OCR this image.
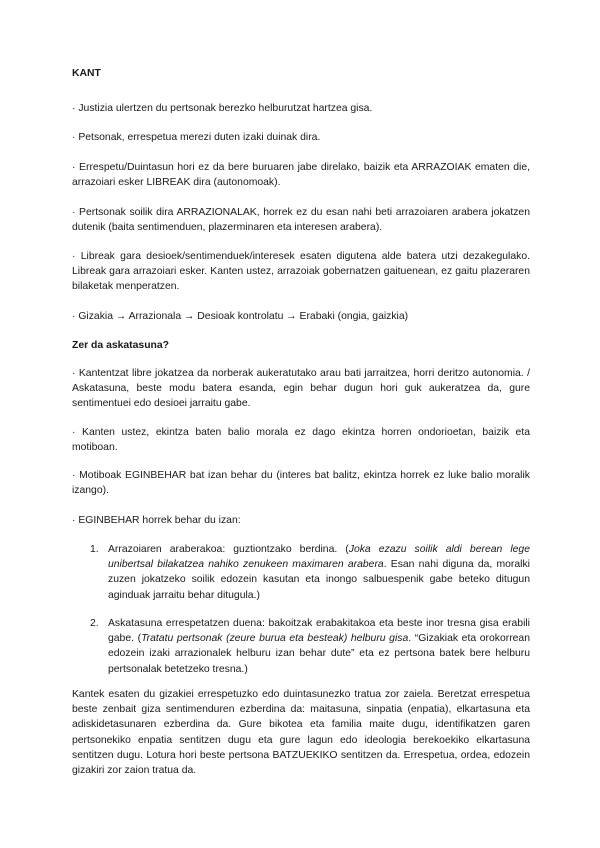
KANT

· Justizia ulertzen du pertsonak berezko helburutzat hartzea gisa.

· Petsonak, errespetua merezi duten izaki duinak dira.

· Errespetu/Duintasun hori ez da bere buruaren jabe direlako, baizik eta ARRAZOIAK ematen die, arrazoiari esker LIBREAK dira (autonomoak).

· Pertsonak soilik dira ARRAZIONALAK, horrek ez du esan nahi beti arrazoiaren arabera jokatzen dutenik (baita sentimenduen, plazerminaren eta interesen arabera).

· Libreak gara desioek/sentimenduek/interesek esaten digutena alde batera utzi dezakegulako. Libreak gara arrazoiari esker. Kanten ustez, arrazoiak gobernatzen gaituenean, ez gaitu plazeraren bilaketak menperatzen.

· Gizakia → Arrazionala → Desioak kontrolatu → Erabaki (ongia, gaizkia)

Zer da askatasuna?

· Kantentzat libre jokatzea da norberak aukeratutako arau bati jarraitzea, horri deritzo autonomia. / Askatasuna, beste modu batera esanda, egin behar dugun hori guk aukeratzea da, gure sentimentuei edo desioei jarraitu gabe.

· Kanten ustez, ekintza baten balio morala ez dago ekintza horren ondorioetan, baizik eta motiboan.

· Motiboak EGINBEHAR bat izan behar du (interes bat balitz, ekintza horrek ez luke balio moralik izango).

· EGINBEHAR horrek behar du izan:

1. Arrazoiaren araberakoa: guztiontzako berdina. (Joka ezazu soilik aldi berean lege unibertsal bilakatzea nahiko zenukeen maximaren arabera. Esan nahi diguna da, moralki zuzen jokatzeko soilik edozein kasutan eta inongo salbuespenik gabe beteko ditugun aginduak jarraitu behar ditugula.)

2. Askatasuna errespetatzen duena: bakoitzak erabakitakoa eta beste inor tresna gisa erabili gabe. (Tratatu pertsonak (zeure burua eta besteak) helburu gisa. “Gizakiak eta orokorrean edozein izaki arrazionalek helburu izan behar dute” eta ez pertsona batek bere helburu pertsonalak betetzeko tresna.)

Kantek esaten du gizakiei errespetuzko edo duintasunezko tratua zor zaiela. Beretzat errespetua beste zenbait giza sentimenduren ezberdina da: maitasuna, sinpatia (enpatia), elkartasuna eta adiskidetasunaren ezberdina da. Gure bikotea eta familia maite dugu, identifikatzen garen pertsonekiko enpatia sentitzen dugu eta gure lagun edo ideologia berekoekiko elkartasuna sentitzen dugu. Lotura hori beste pertsona BATZUEKIKO sentitzen da. Errespetua, ordea, edozein gizakiri zor zaion tratua da.
